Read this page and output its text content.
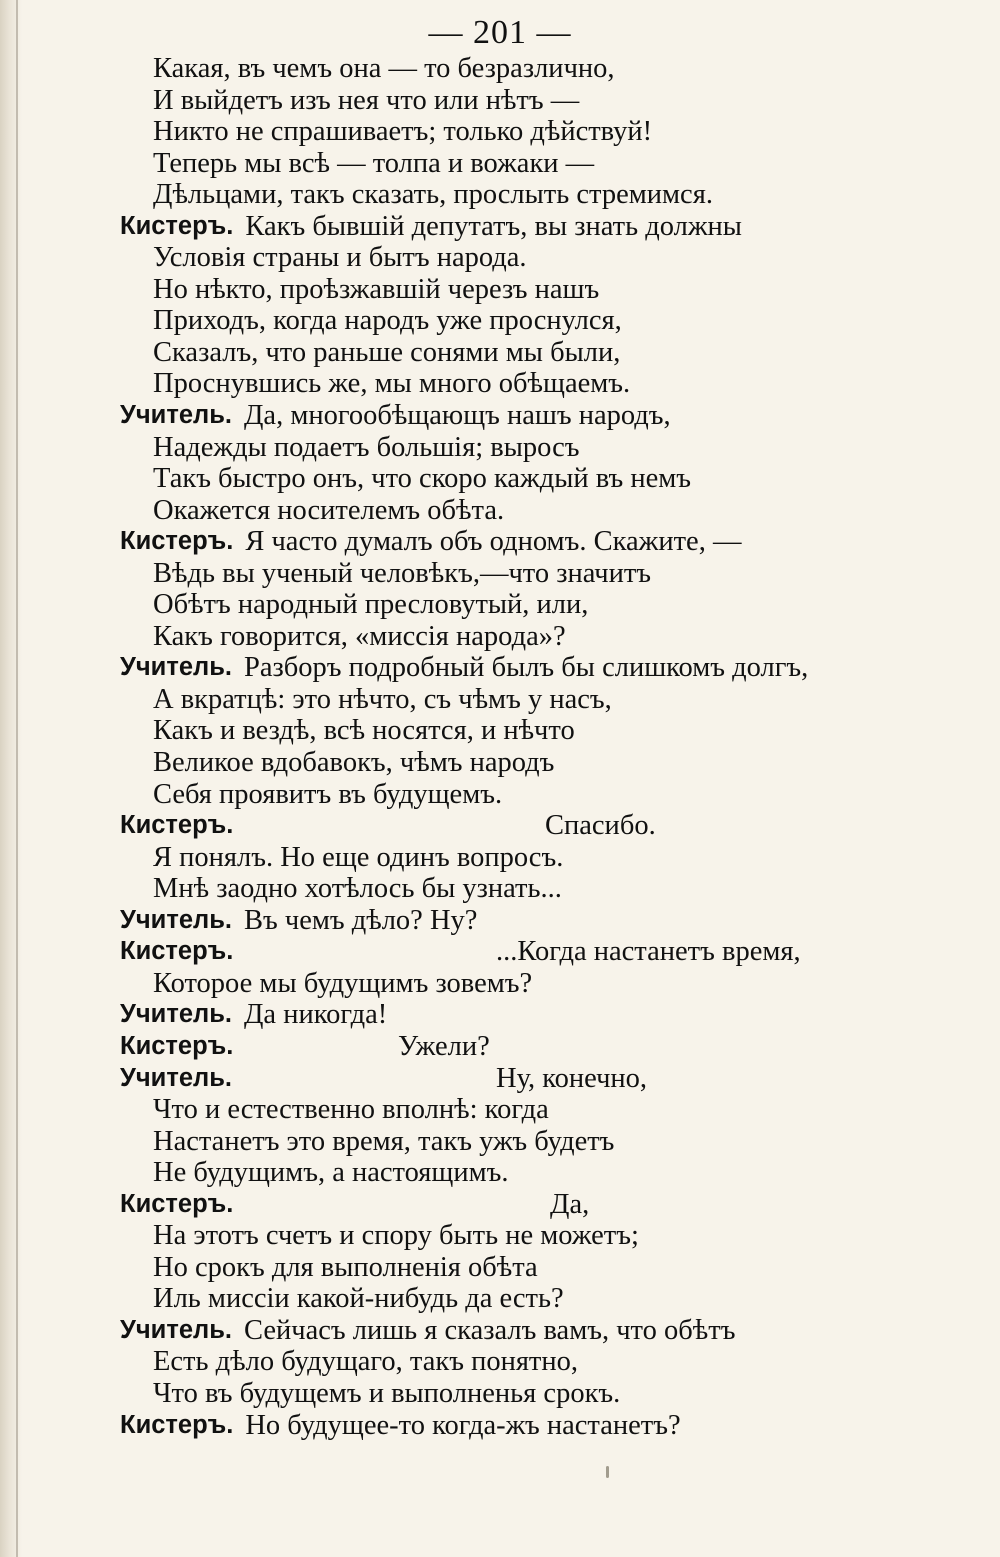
— 201 —
Какая, въ чемъ она — то безразлично,
И выйдетъ изъ нея что или нѣтъ —
Никто не спрашиваетъ; только дѣйствуй!
Теперь мы всѣ — толпа и вожаки —
Дѣльцами, такъ сказать, прослыть стремимся.
Кистеръ. Какъ бывшій депутатъ, вы знать должны
Условія страны и бытъ народа.
Но нѣкто, проѣзжавшій черезъ нашъ
Приходъ, когда народъ уже проснулся,
Сказалъ, что раньше сонями мы были,
Проснувшись же, мы много обѣщаемъ.
Учитель. Да, многообѣщающъ нашъ народъ,
Надежды подаетъ большія; выросъ
Такъ быстро онъ, что скоро каждый въ немъ
Окажется носителемъ обѣта.
Кистеръ. Я часто думалъ объ одномъ. Скажите, —
Вѣдь вы ученый человѣкъ,—что значитъ
Обѣтъ народный пресловутый, или,
Какъ говорится, «миссія народа»?
Учитель. Разборъ подробный былъ бы слишкомъ долгъ,
А вкратцѣ: это нѣчто, съ чѣмъ у насъ,
Какъ и вездѣ, всѣ носятся, и нѣчто
Великое вдобавокъ, чѣмъ народъ
Себя проявитъ въ будущемъ.
Кистеръ.	Спасибо.
Я понялъ. Но еще одинъ вопросъ.
Мнѣ заодно хотѣлось бы узнать...
Учитель. Въ чемъ дѣло? Ну?
Кистеръ.	...Когда настанетъ время,
Которое мы будущимъ зовемъ?
Учитель. Да никогда!
Кистеръ.	Ужели?
Учитель.	Ну, конечно,
Что и естественно вполнѣ: когда
Настанетъ это время, такъ ужъ будетъ
Не будущимъ, а настоящимъ.
Кистеръ.	Да,
На этотъ счетъ и спору быть не можетъ;
Но срокъ для выполненія обѣта
Иль миссіи какой-нибудь да есть?
Учитель. Сейчасъ лишь я сказалъ вамъ, что обѣтъ
Есть дѣло будущаго, такъ понятно,
Что въ будущемъ и выполненья срокъ.
Кистеръ. Но будущее-то когда-жъ настанетъ?
